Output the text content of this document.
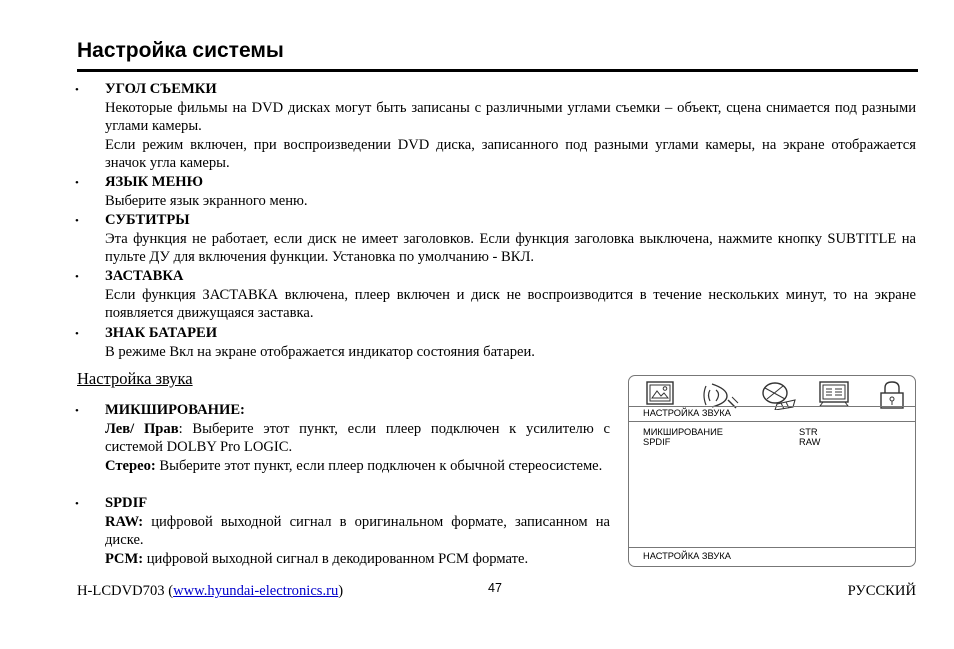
Настройка системы
• УГОЛ СЪЕМКИ

Некоторые фильмы на DVD дисках могут быть записаны с различными углами съемки – объект, сцена снимается под разными углами камеры.

Если режим включен, при воспроизведении DVD диска, записанного под разными углами камеры, на экране отображается значок угла камеры.

• ЯЗЫК МЕНЮ

Выберите язык экранного меню.

• СУБТИТРЫ

Эта функция не работает, если диск не имеет заголовков. Если функция заголовка выключена, нажмите кнопку SUBTITLE на пульте ДУ для включения функции. Установка по умолчанию - ВКЛ.

• ЗАСТАВКА

Если функция ЗАСТАВКА включена, плеер включен и диск не воспроизводится в течение нескольких минут, то на экране появляется движущаяся заставка.

• ЗНАК БАТАРЕИ

В режиме Вкл на экране отображается индикатор состояния батареи.

Настройка звука
• МИКШИРОВАНИЕ:

Лев/ Прав: Выберите этот пункт, если плеер подключен к усилителю с системой DOLBY Pro LOGIC.

Стерео: Выберите этот пункт, если плеер подключен к обычной стереосистеме.

• SPDIF

RAW: цифровой выходной сигнал в оригинальном формате, записанном на диске.

PCM: цифровой выходной сигнал в декодированном PCM формате.

НАСТРОЙКА ЗВУКА
МИКШИРОВАНИЕ	STR
SPDIF	RAW
НАСТРОЙКА ЗВУКА
H-LCDVD703 (www.hyundai-electronics.ru)	47	РУССКИЙ
